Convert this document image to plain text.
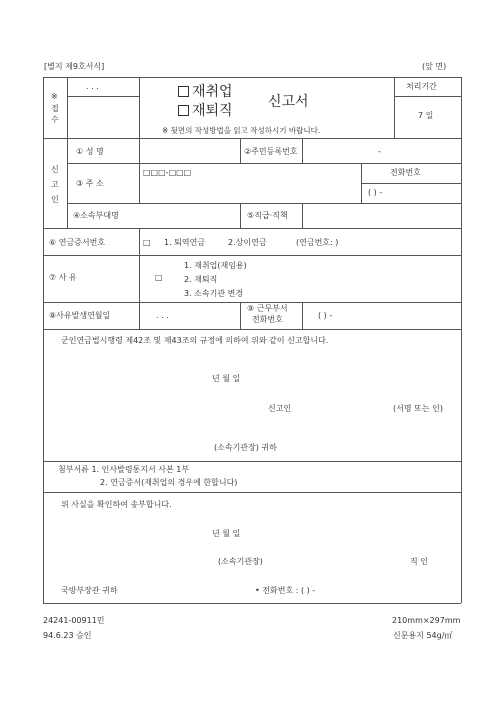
[별지 제9호서식]	(앞 면)
※
접
수
. . .	재취업
재퇴직
신고서
※ 뒷면의 작성방법을 읽고 작성하시기 바랍니다.
처리기간
7 일
신
고
인
① 성 명	②주민등록번호	-
③ 주 소
□□□-□□□	전화번호
( ) -
④소속부대명	⑤직급·직책
⑥ 연금증서번호	□ 1. 퇴역연금	2.상이연금	(연금번호: )
⑦ 사 유	□
1. 재취업(재임용)
2. 재퇴직
3. 소속기관 변경
⑧사유발생연월일	. . .
⑨ 근무부서
전화번호	( ) -
군인연금법시행령 제42조 및 제43조의 규정에 의하여 위와 같이 신고합니다.
년 월 일
신고인	(서명 또는 인)
(소속기관장) 귀하
첨부서류 1. 인사발령통지서 사본 1부
2. 연금증서(재취업의 경우에 한합니다)
위 사실을 확인하여 송부합니다.
년 월 일
(소속기관장)	직 인
국방부장관 귀하	• 전화번호 : ( ) -
24241-00911민
94.6.23 승인
210mm×297mm
신문용지 54g/㎡
